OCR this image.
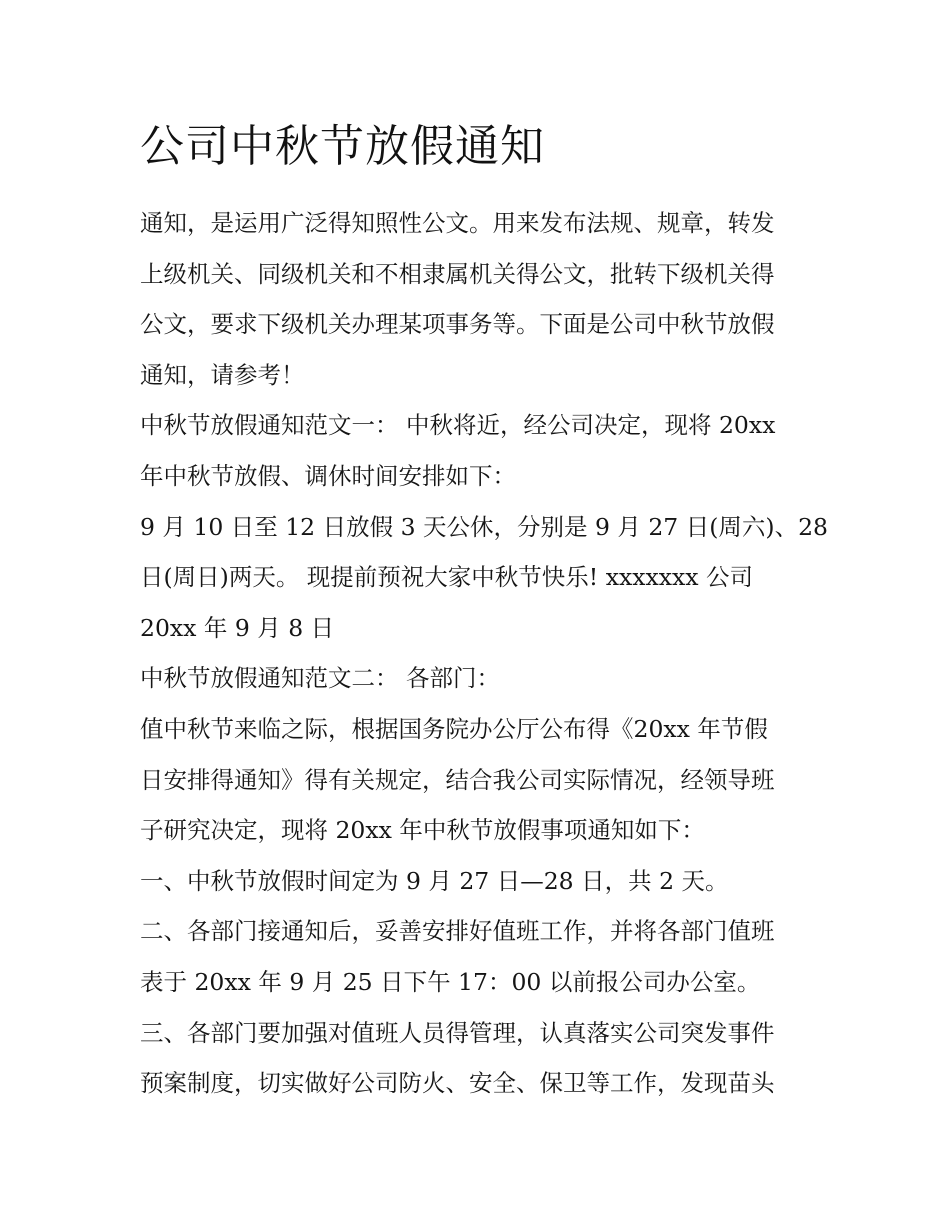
公司中秋节放假通知
通知，是运用广泛得知照性公文。用来发布法规、规章，转发
上级机关、同级机关和不相隶属机关得公文，批转下级机关得
公文，要求下级机关办理某项事务等。下面是公司中秋节放假
通知，请参考！
中秋节放假通知范文一： 中秋将近，经公司决定，现将 20xx
年中秋节放假、调休时间安排如下：
9 月 10 日至 12 日放假 3 天公休，分别是 9 月 27 日(周六)、28
日(周日)两天。 现提前预祝大家中秋节快乐! xxxxxxx 公司
20xx 年 9 月 8 日
中秋节放假通知范文二： 各部门：
值中秋节来临之际，根据国务院办公厅公布得《20xx 年节假
日安排得通知》得有关规定，结合我公司实际情况，经领导班
子研究决定，现将 20xx 年中秋节放假事项通知如下：
一、中秋节放假时间定为 9 月 27 日—28 日，共 2 天。
二、各部门接通知后，妥善安排好值班工作，并将各部门值班
表于 20xx 年 9 月 25 日下午 17：00 以前报公司办公室。
三、各部门要加强对值班人员得管理，认真落实公司突发事件
预案制度，切实做好公司防火、安全、保卫等工作，发现苗头
